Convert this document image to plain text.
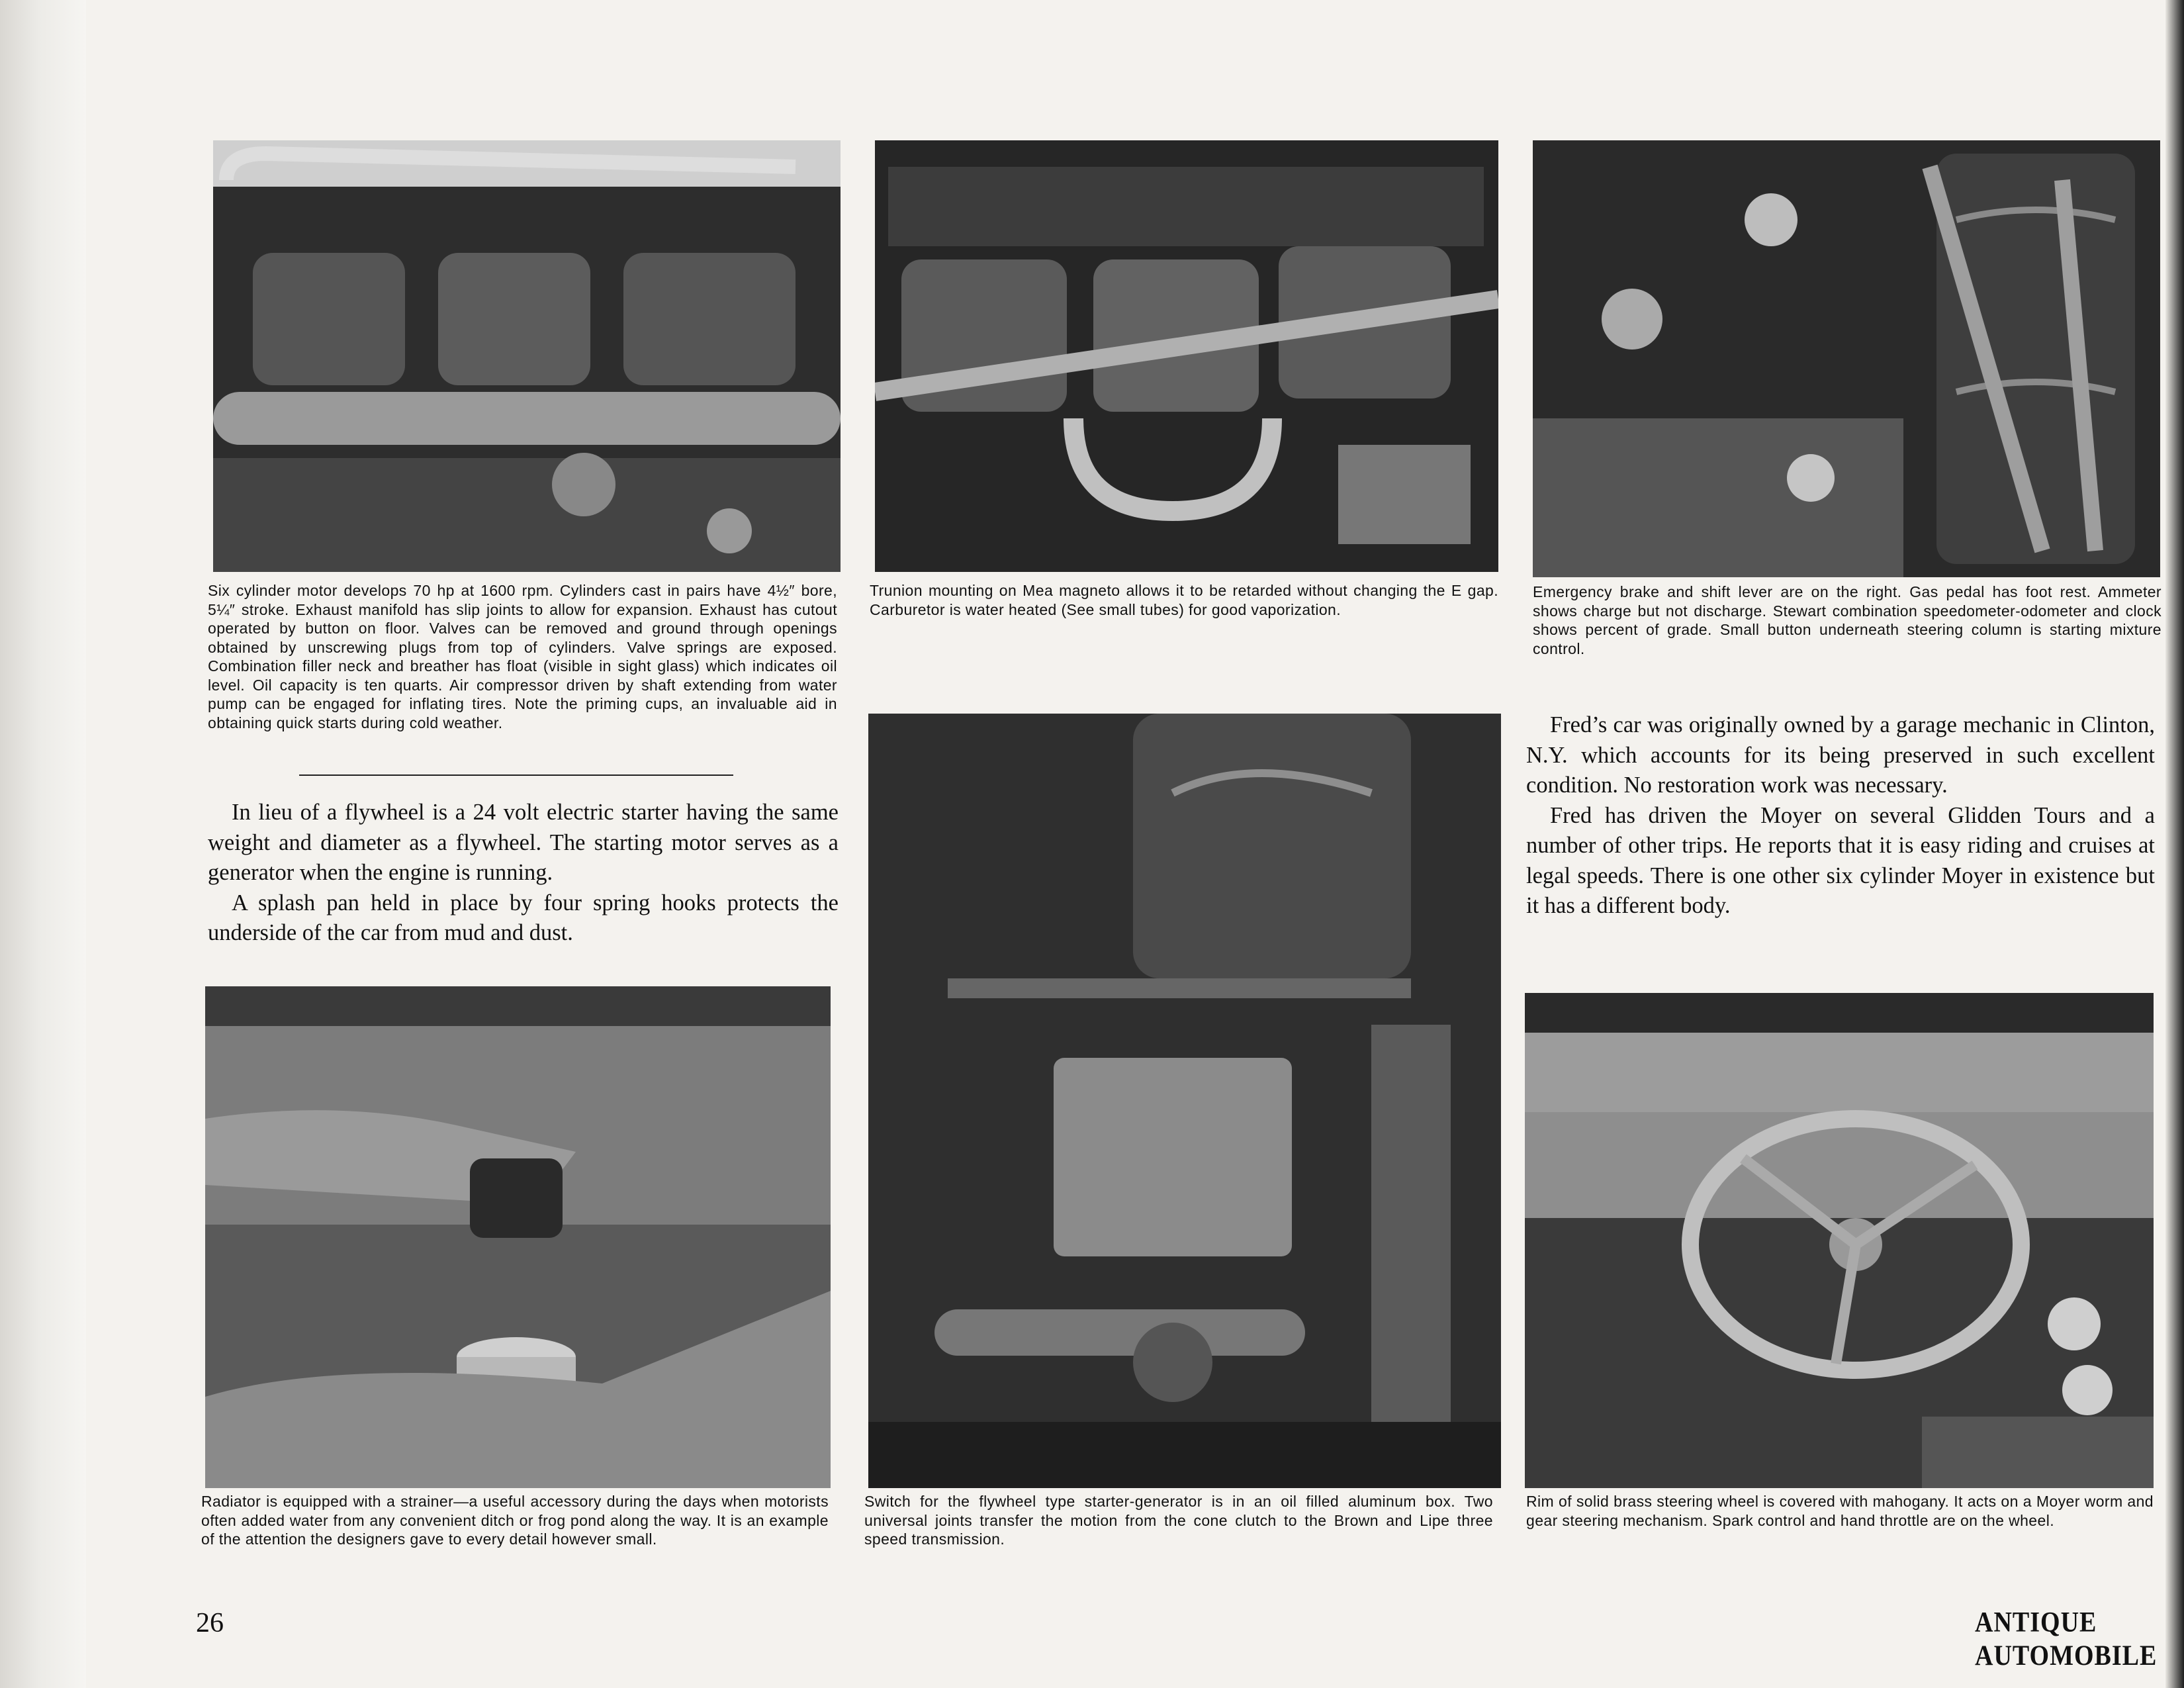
Six cylinder motor develops 70 hp at 1600 rpm. Cylinders cast in pairs have 4½″ bore, 5¼″ stroke. Exhaust manifold has slip joints to allow for expansion. Exhaust has cutout operated by button on floor. Valves can be removed and ground through openings obtained by unscrewing plugs from top of cylinders. Valve springs are exposed. Combination filler neck and breather has float (visible in sight glass) which indicates oil level. Oil capacity is ten quarts. Air compressor driven by shaft extending from water pump can be engaged for inflating tires. Note the priming cups, an invaluable aid in obtaining quick starts during cold weather.

Trunion mounting on Mea magneto allows it to be retarded without changing the E gap. Carburetor is water heated (See small tubes) for good vaporization.

Emergency brake and shift lever are on the right. Gas pedal has foot rest. Ammeter shows charge but not discharge. Stewart combination speedometer-odometer and clock shows percent of grade. Small button underneath steering column is starting mixture control.

In lieu of a flywheel is a 24 volt electric starter having the same weight and diameter as a flywheel. The starting motor serves as a generator when the engine is running.

A splash pan held in place by four spring hooks protects the underside of the car from mud and dust.

Fred’s car was originally owned by a garage mechanic in Clinton, N.Y. which accounts for its being preserved in such excellent condition. No restoration work was necessary.

Fred has driven the Moyer on several Glidden Tours and a number of other trips. He reports that it is easy riding and cruises at legal speeds. There is one other six cylinder Moyer in existence but it has a different body.

Radiator is equipped with a strainer—a useful accessory during the days when motorists often added water from any convenient ditch or frog pond along the way. It is an example of the attention the designers gave to every detail however small.

Switch for the flywheel type starter-generator is in an oil filled aluminum box. Two universal joints transfer the motion from the cone clutch to the Brown and Lipe three speed transmission.

Rim of solid brass steering wheel is covered with mahogany. It acts on a Moyer worm and gear steering mechanism. Spark control and hand throttle are on the wheel.

26	ANTIQUE AUTOMOBILE
